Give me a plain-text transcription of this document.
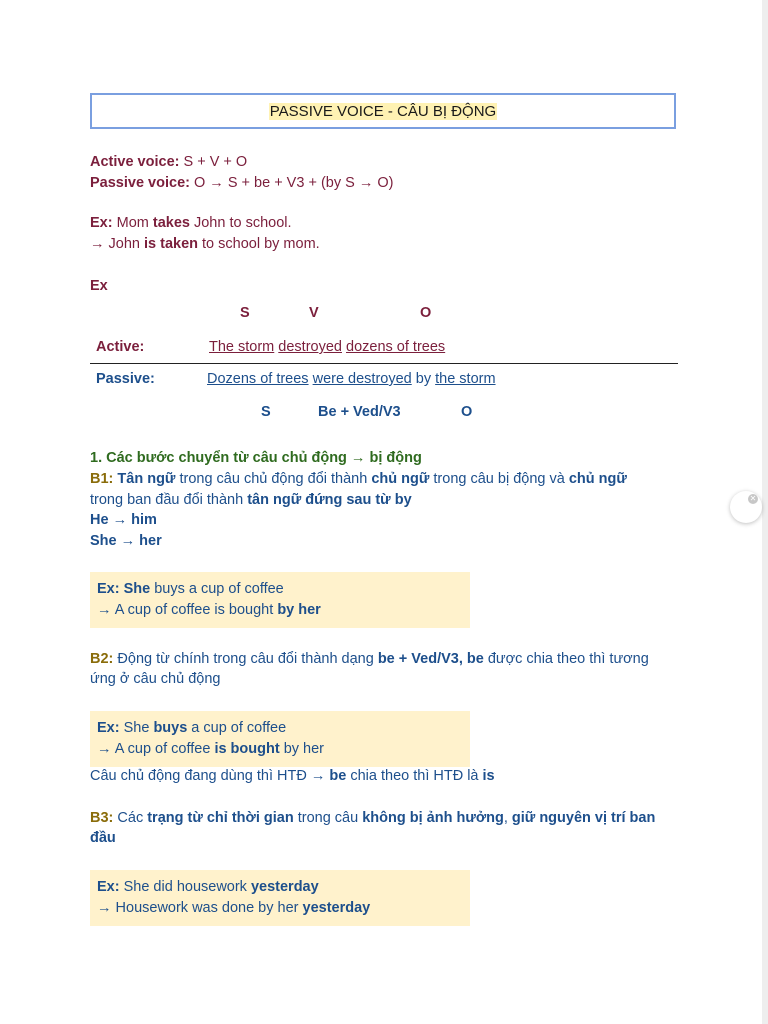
PASSIVE VOICE - CÂU BỊ ĐỘNG
Active voice: S + V + O
Passive voice: O → S + be + V3 + (by S → O)
Ex: Mom takes John to school.
→ John is taken to school by mom.
Ex
S	V	O
Active:	The storm destroyed dozens of trees
Passive:	Dozens of trees were destroyed by the storm
S	Be + Ved/V3	O
1. Các bước chuyển từ câu chủ động → bị động
B1: Tân ngữ trong câu chủ động đổi thành chủ ngữ trong câu bị động và chủ ngữ
trong ban đầu đổi thành tân ngữ đứng sau từ by
He → him
She → her
Ex: She buys a cup of coffee
→ A cup of coffee is bought by her
B2: Động từ chính trong câu đổi thành dạng be + Ved/V3, be được chia theo thì tương
ứng ở câu chủ động
Ex: She buys a cup of coffee
→ A cup of coffee is bought by her
Câu chủ động đang dùng thì HTĐ → be chia theo thì HTĐ là is
B3: Các trạng từ chỉ thời gian trong câu không bị ảnh hưởng, giữ nguyên vị trí ban
đầu
Ex: She did housework yesterday
→ Housework was done by her yesterday
✕
